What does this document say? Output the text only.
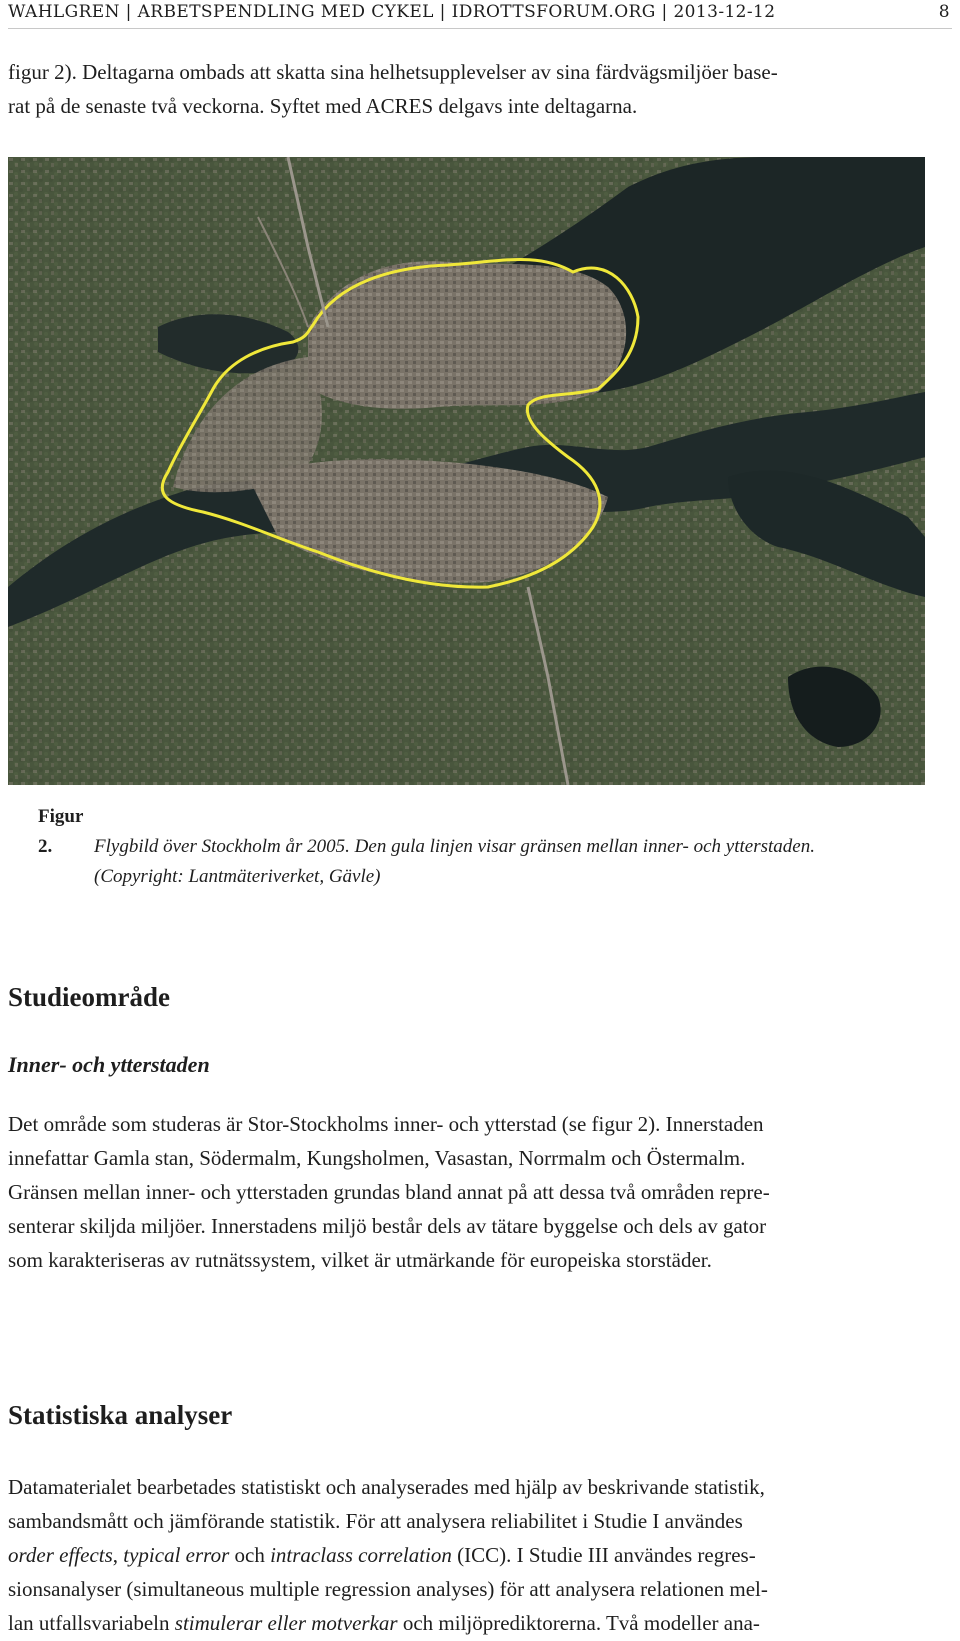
WAHLGREN | ARBETSPENDLING MED CYKEL | IDROTTSFORUM.ORG | 2013-12-12	8

figur 2). Deltagarna ombads att skatta sina helhetsupplevelser av sina färdvägsmiljöer base-
rat på de senaste två veckorna. Syftet med ACRES delgavs inte deltagarna.

Figur 2. Flygbild över Stockholm år 2005. Den gula linjen visar gränsen mellan inner- och ytterstaden.
(Copyright: Lantmäteriverket, Gävle)
Studieområde
Inner- och ytterstaden

Det område som studeras är Stor-Stockholms inner- och ytterstad (se figur 2). Innerstaden
innefattar Gamla stan, Södermalm, Kungsholmen, Vasastan, Norrmalm och Östermalm.
Gränsen mellan inner- och ytterstaden grundas bland annat på att dessa två områden repre-
senterar skiljda miljöer. Innerstadens miljö består dels av tätare byggelse och dels av gator
som karakteriseras av rutnätssystem, vilket är utmärkande för europeiska storstäder.

Statistiska analyser

Datamaterialet bearbetades statistiskt och analyserades med hjälp av beskrivande statistik,
sambandsmått och jämförande statistik. För att analysera reliabilitet i Studie I användes
order effects, typical error och intraclass correlation (ICC). I Studie III användes regres-
sionsanalyser (simultaneous multiple regression analyses) för att analysera relationen mel-
lan utfallsvariabeln stimulerar eller motverkar och miljöprediktorerna. Två modeller ana-
